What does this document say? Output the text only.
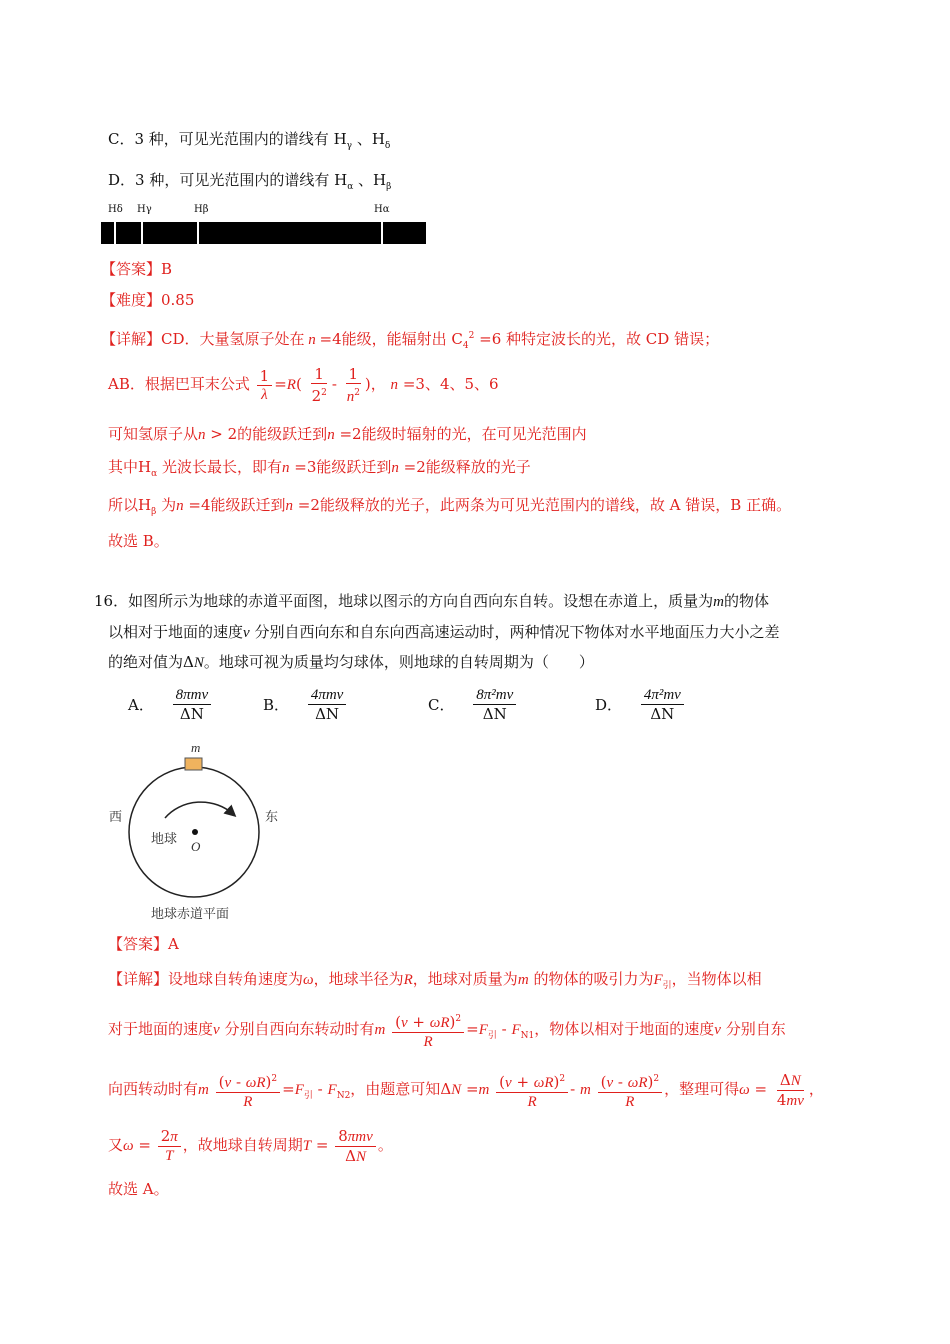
C．3 种，可见光范围内的谱线有 $H_\gamma$ 、$H_\delta$
D．3 种，可见光范围内的谱线有 $H_\alpha$ 、$H_\beta$
Hδ Hγ	Hβ	Hα
【答案】B
【难度】0.85
【详解】CD．大量氢原子处在 n =4能级，能辐射出 $C_4^2 =6$ 种特定波长的光，故 CD 错误；
AB．根据巴耳末公式 $\frac{1}{\lambda} =R( \frac{1}{2^2} - \frac{1}{n^2}$ )， n =3、4、5、6
可知氢原子从n > 2的能级跃迁到n =2能级时辐射的光，在可见光范围内
其中$H_\alpha$ 光波长最长，即有n =3能级跃迁到n =2能级释放的光子
所以$H_\beta$ 为n =4能级跃迁到n =2能级释放的光子，此两条为可见光范围内的谱线，故 A 错误，B 正确。
故选 B。
16．如图所示为地球的赤道平面图，地球以图示的方向自西向东自转。设想在赤道上，质量为m的物体
以相对于地面的速度v 分别自西向东和自东向西高速运动时，两种情况下物体对水平地面压力大小之差
的绝对值为ΔN。地球可视为质量均匀球体，则地球的自转周期为（　　）
A． $\frac{\text{8πmv}}{\Delta N}$	B． $\frac{\text{4πmv}}{\Delta N}$	C． $\frac{\text{8π²mv}}{\Delta N}$	D． $\frac{\text{4π²mv}}{\Delta N}$
m
西	东
地球 O
地球赤道平面
【答案】A
【详解】设地球自转角速度为ω，地球半径为R，地球对质量为m 的物体的吸引力为$F_引$，当物体以相
对于地面的速度v 分别自西向东转动时有m $\frac{(v + \omega R)^2}{R} =F_引 - F_{N1}$，物体以相对于地面的速度v 分别自东
向西转动时有m $\frac{(v - \omega R)^2}{R} =F_引 - F_{N2}$，由题意可知$\Delta N =m \frac{(v + \omega R)^2}{R} - m \frac{(v - \omega R)^2}{R}$ ，整理可得$\omega = \frac{\Delta N}{4mv}$ ，
又$\omega = \frac{2\pi}{T}$ ，故地球自转周期$T = \frac{\text{8πmv}}{\Delta N}$ 。
故选 A。
